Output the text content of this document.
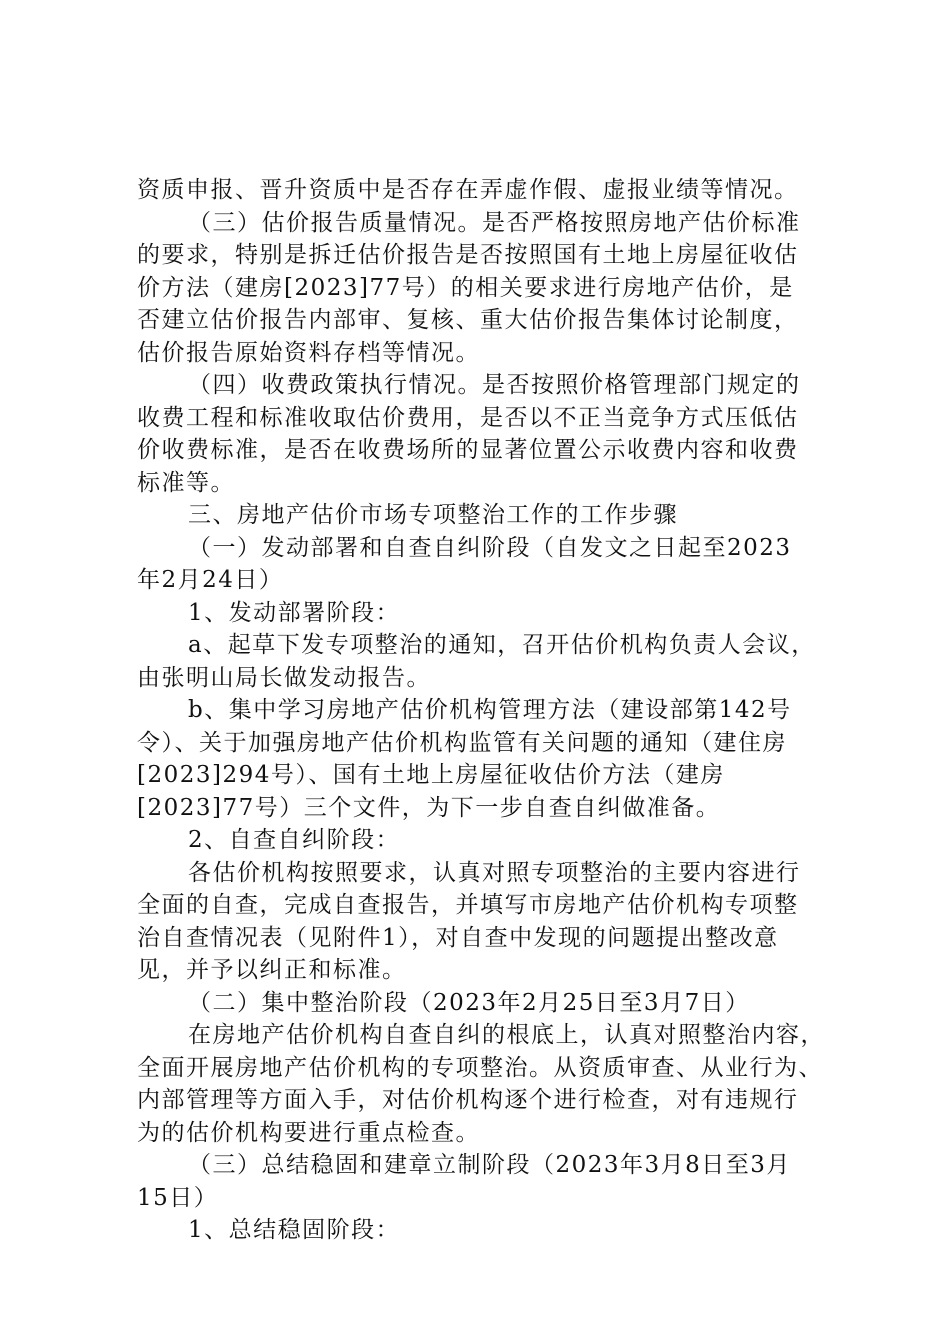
资质申报、晋升资质中是否存在弄虚作假、虚报业绩等情况。
（三）估价报告质量情况。是否严格按照房地产估价标准
的要求，特别是拆迁估价报告是否按照国有土地上房屋征收估
价方法（建房[2023]77号）的相关要求进行房地产估价，是
否建立估价报告内部审、复核、重大估价报告集体讨论制度，
估价报告原始资料存档等情况。
（四）收费政策执行情况。是否按照价格管理部门规定的
收费工程和标准收取估价费用，是否以不正当竞争方式压低估
价收费标准，是否在收费场所的显著位置公示收费内容和收费
标准等。
三、房地产估价市场专项整治工作的工作步骤
（一）发动部署和自查自纠阶段（自发文之日起至2023
年2月24日）
1、发动部署阶段：
a、起草下发专项整治的通知，召开估价机构负责人会议，
由张明山局长做发动报告。
b、集中学习房地产估价机构管理方法（建设部第142号
令）、关于加强房地产估价机构监管有关问题的通知（建住房
[2023]294号）、国有土地上房屋征收估价方法（建房
[2023]77号）三个文件，为下一步自查自纠做准备。
2、自查自纠阶段：
各估价机构按照要求，认真对照专项整治的主要内容进行
全面的自查，完成自查报告，并填写市房地产估价机构专项整
治自查情况表（见附件1），对自查中发现的问题提出整改意
见，并予以纠正和标准。
（二）集中整治阶段（2023年2月25日至3月7日）
在房地产估价机构自查自纠的根底上，认真对照整治内容，
全面开展房地产估价机构的专项整治。从资质审查、从业行为、
内部管理等方面入手，对估价机构逐个进行检查，对有违规行
为的估价机构要进行重点检查。
（三）总结稳固和建章立制阶段（2023年3月8日至3月
15日）
1、总结稳固阶段：
